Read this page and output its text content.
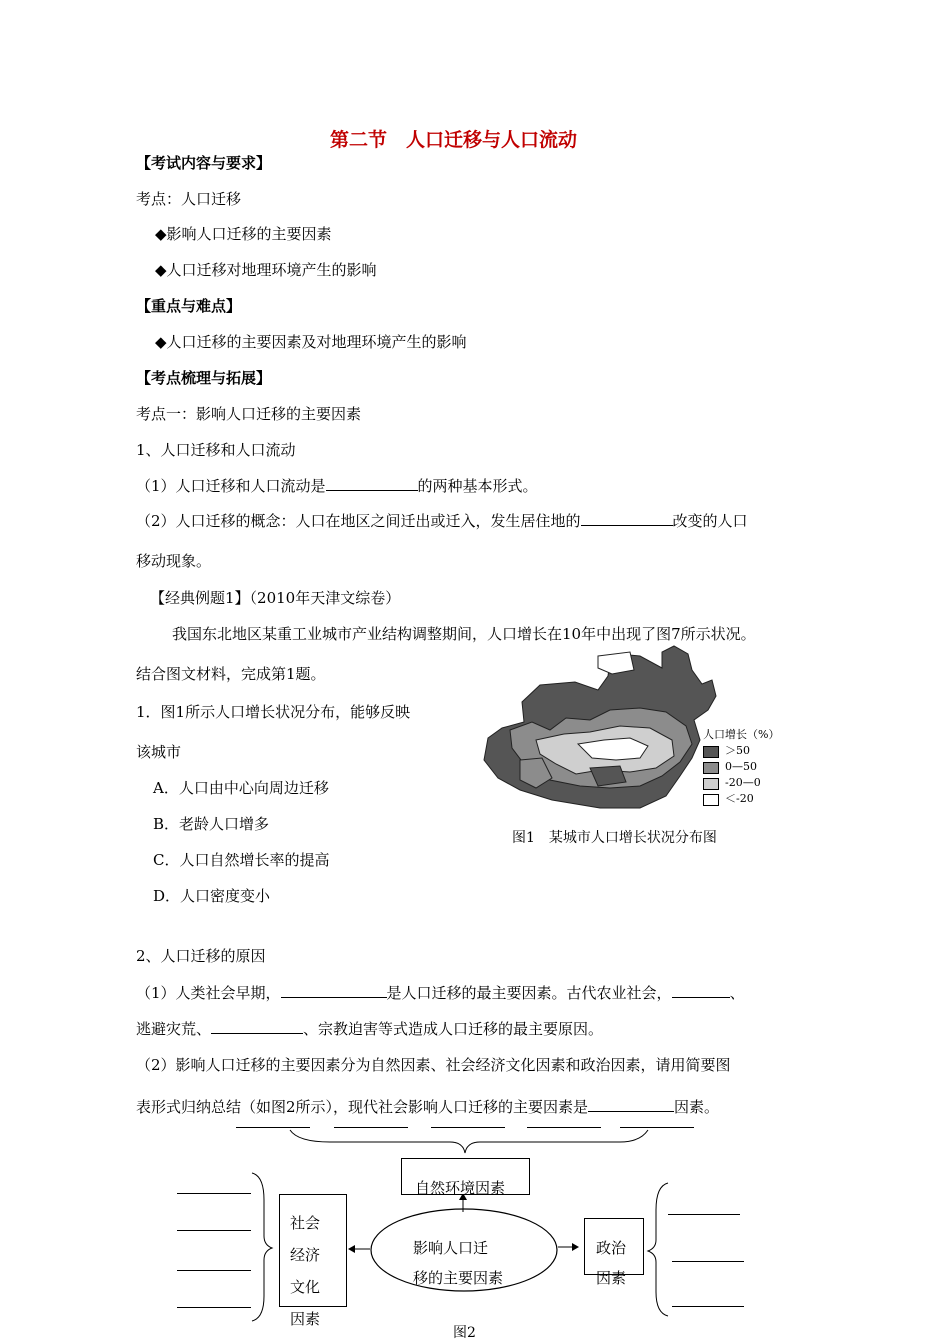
第二节　人口迁移与人口流动
【考试内容与要求】
考点：人口迁移
◆影响人口迁移的主要因素
◆人口迁移对地理环境产生的影响
【重点与难点】
◆人口迁移的主要因素及对地理环境产生的影响
【考点梳理与拓展】
考点一：影响人口迁移的主要因素
1、人口迁移和人口流动
（1）人口迁移和人口流动是	的两种基本形式。
（2）人口迁移的概念：人口在地区之间迁出或迁入，发生居住地的	改变的人口
移动现象。
【经典例题1】（2010年天津文综卷）
我国东北地区某重工业城市产业结构调整期间，人口增长在10年中出现了图7所示状况。
结合图文材料，完成第1题。
1．图1所示人口增长状况分布，能够反映
该城市
A．人口由中心向周边迁移
B．老龄人口增多
C．人口自然增长率的提高
D．人口密度变小
人口增长（%）
＞50
0—50
-20—0
＜-20
图1　某城市人口增长状况分布图
2、人口迁移的原因
（1）人类社会早期，	是人口迁移的最主要因素。古代农业社会，	、
逃避灾荒、	、宗教迫害等式造成人口迁移的最主要原因。
（2）影响人口迁移的主要因素分为自然因素、社会经济文化因素和政治因素，请用简要图
表形式归纳总结（如图2所示），现代社会影响人口迁移的主要因素是	因素。
自然环境因素
影响人口迁
移的主要因素
社会
经济
文化
因素
政治
因素
图2
